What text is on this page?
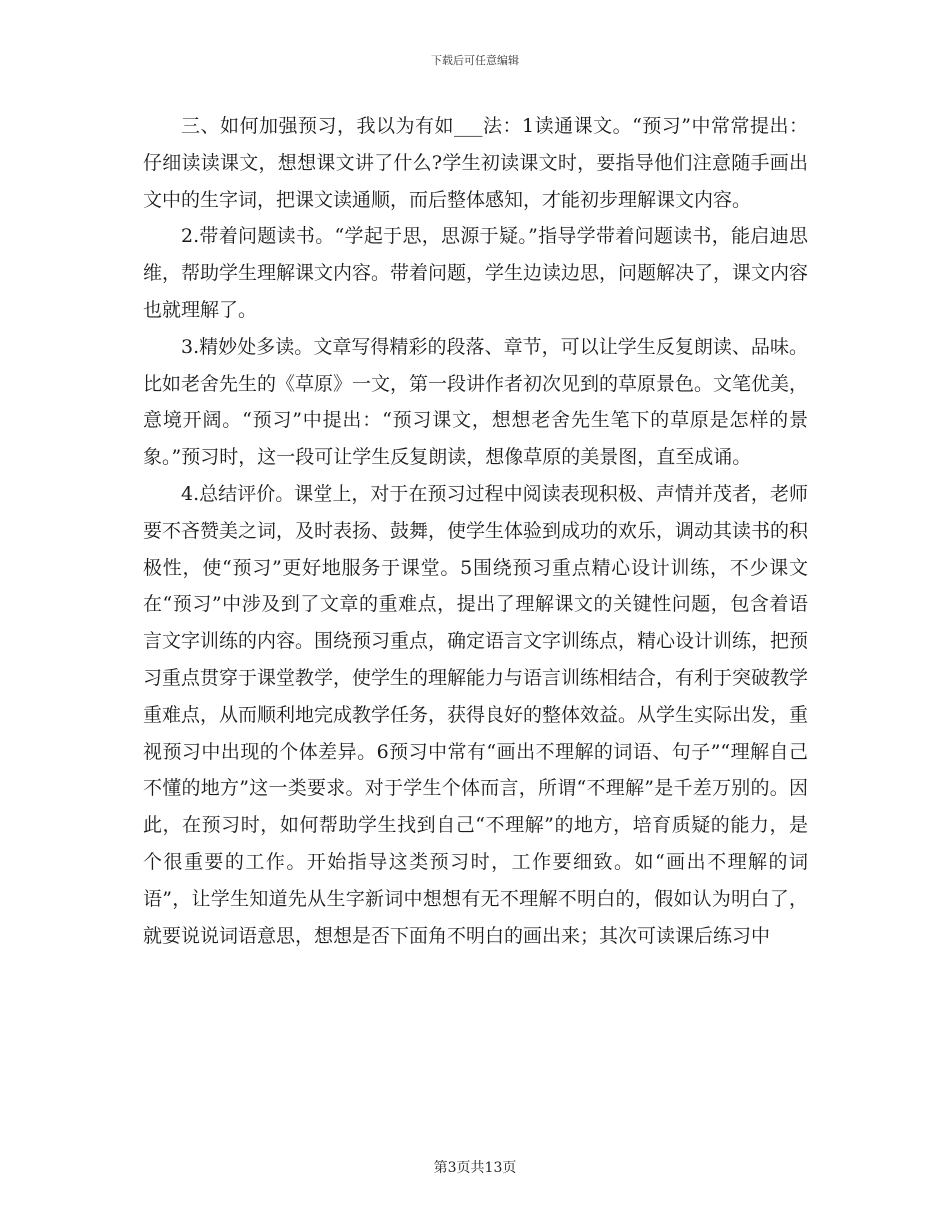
下载后可任意编辑

三、如何加强预习，我以为有如___法：1读通课文。“预习”中常常提出：仔细读读课文，想想课文讲了什么?学生初读课文时，要指导他们注意随手画出文中的生字词，把课文读通顺，而后整体感知，才能初步理解课文内容。

2.带着问题读书。“学起于思，思源于疑。”指导学带着问题读书，能启迪思维，帮助学生理解课文内容。带着问题，学生边读边思，问题解决了，课文内容也就理解了。

3.精妙处多读。文章写得精彩的段落、章节，可以让学生反复朗读、品味。比如老舍先生的《草原》一文，第一段讲作者初次见到的草原景色。文笔优美，意境开阔。“预习”中提出：“预习课文，想想老舍先生笔下的草原是怎样的景象。”预习时，这一段可让学生反复朗读，想像草原的美景图，直至成诵。

4.总结评价。课堂上，对于在预习过程中阅读表现积极、声情并茂者，老师要不吝赞美之词，及时表扬、鼓舞，使学生体验到成功的欢乐，调动其读书的积极性，使“预习”更好地服务于课堂。5围绕预习重点精心设计训练，不少课文在“预习”中涉及到了文章的重难点，提出了理解课文的关键性问题，包含着语言文字训练的内容。围绕预习重点，确定语言文字训练点，精心设计训练，把预习重点贯穿于课堂教学，使学生的理解能力与语言训练相结合，有利于突破教学重难点，从而顺利地完成教学任务，获得良好的整体效益。从学生实际出发，重视预习中出现的个体差异。6预习中常有“画出不理解的词语、句子”“理解自己不懂的地方”这一类要求。对于学生个体而言，所谓“不理解”是千差万别的。因此，在预习时，如何帮助学生找到自己“不理解”的地方，培育质疑的能力，是个很重要的工作。开始指导这类预习时，工作要细致。如“画出不理解的词语”，让学生知道先从生字新词中想想有无不理解不明白的，假如认为明白了，就要说说词语意思，想想是否下面角不明白的画出来；其次可读课后练习中

第3页共13页
